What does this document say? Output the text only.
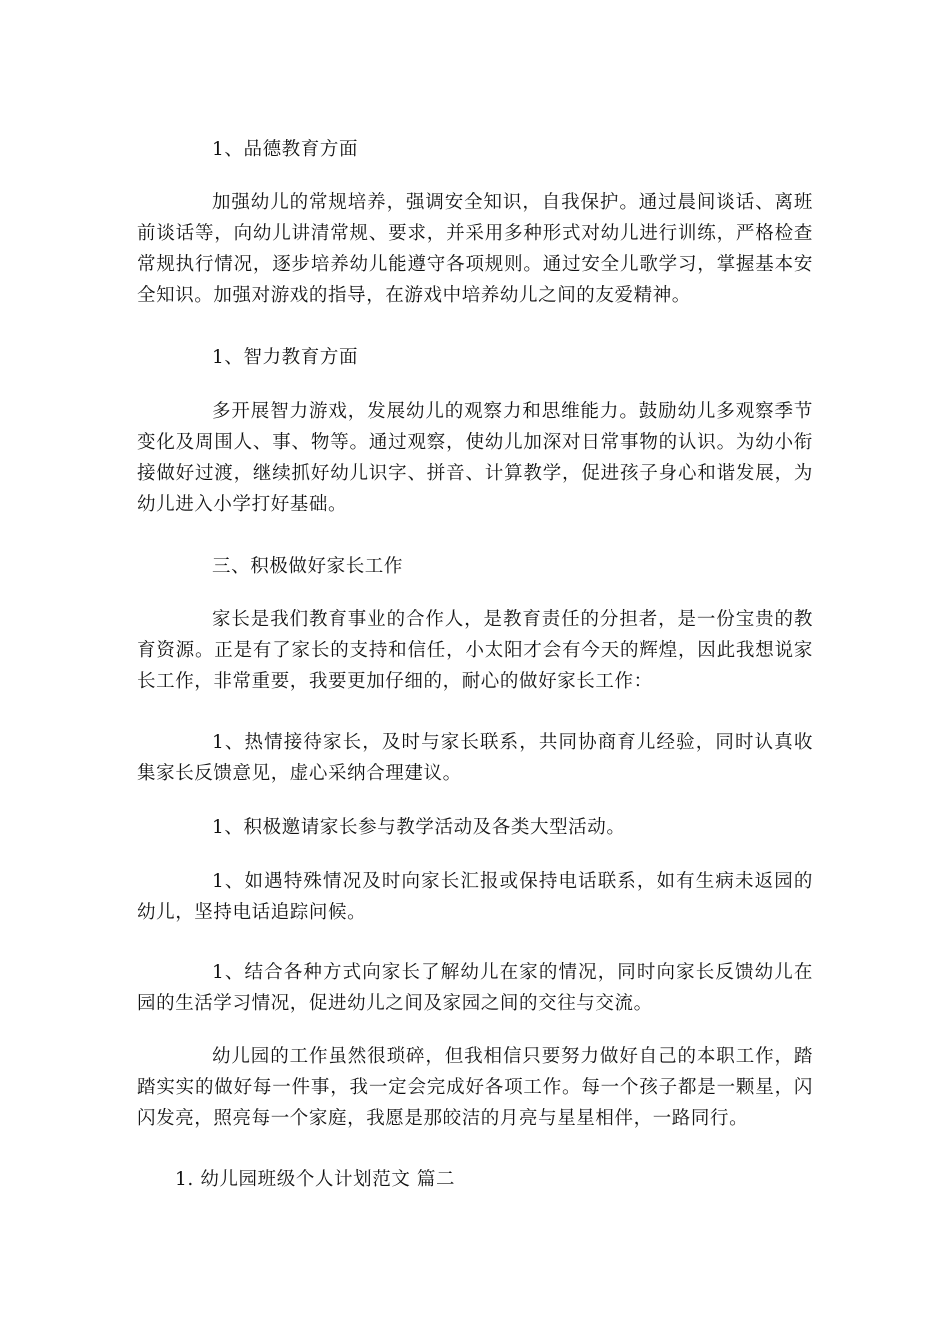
1、品德教育方面

加强幼儿的常规培养，强调安全知识，自我保护。通过晨间谈话、离班前谈话等，向幼儿讲清常规、要求，并采用多种形式对幼儿进行训练，严格检查常规执行情况，逐步培养幼儿能遵守各项规则。通过安全儿歌学习，掌握基本安全知识。加强对游戏的指导，在游戏中培养幼儿之间的友爱精神。

1、智力教育方面

多开展智力游戏，发展幼儿的观察力和思维能力。鼓励幼儿多观察季节变化及周围人、事、物等。通过观察，使幼儿加深对日常事物的认识。为幼小衔接做好过渡，继续抓好幼儿识字、拼音、计算教学，促进孩子身心和谐发展，为幼儿进入小学打好基础。

三、积极做好家长工作

家长是我们教育事业的合作人，是教育责任的分担者，是一份宝贵的教育资源。正是有了家长的支持和信任，小太阳才会有今天的辉煌，因此我想说家长工作，非常重要，我要更加仔细的，耐心的做好家长工作：

1、热情接待家长，及时与家长联系，共同协商育儿经验，同时认真收集家长反馈意见，虚心采纳合理建议。

1、积极邀请家长参与教学活动及各类大型活动。

1、如遇特殊情况及时向家长汇报或保持电话联系，如有生病未返园的幼儿，坚持电话追踪问候。

1、结合各种方式向家长了解幼儿在家的情况，同时向家长反馈幼儿在园的生活学习情况，促进幼儿之间及家园之间的交往与交流。

幼儿园的工作虽然很琐碎，但我相信只要努力做好自己的本职工作，踏踏实实的做好每一件事，我一定会完成好各项工作。每一个孩子都是一颗星，闪闪发亮，照亮每一个家庭，我愿是那皎洁的月亮与星星相伴，一路同行。

1. 幼儿园班级个人计划范文 篇二
